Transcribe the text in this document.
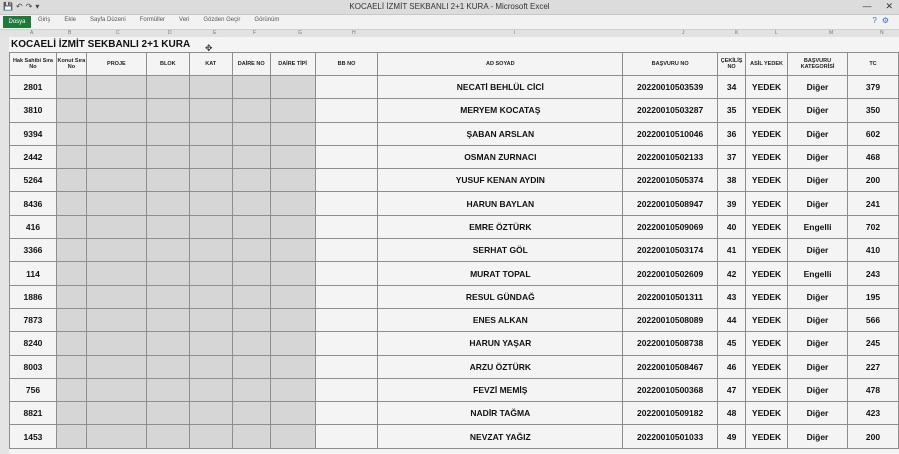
💾 ↶ ↷ ▾	KOCAELİ İZMİT SEKBANLI 2+1 KURA - Microsoft Excel	— ✕
Dosya	Giriş Ekle Sayfa Düzeni Formüller Veri Gözden Geçir Görünüm	? ⚙
A	B	C	D	E	F	G	H	I	J	K	L	M	N
KOCAELİ İZMİT SEKBANLI 2+1 KURA ✥
Hak Sahibi Sıra No	Konut Sıra No	PROJE	BLOK	KAT	DAİRE NO	DAİRE TİPİ	BB NO	AD SOYAD	BAŞVURU NO	ÇEKİLİŞ NO	ASİL YEDEK	BAŞVURU KATEGORİSİ	TC
2801								NECATİ BEHLÜL CİCİ	20220010503539	34	YEDEK	Diğer	379
3810								MERYEM KOCATAŞ	20220010503287	35	YEDEK	Diğer	350
9394								ŞABAN ARSLAN	20220010510046	36	YEDEK	Diğer	602
2442								OSMAN ZURNACI	20220010502133	37	YEDEK	Diğer	468
5264								YUSUF KENAN AYDIN	20220010505374	38	YEDEK	Diğer	200
8436								HARUN BAYLAN	20220010508947	39	YEDEK	Diğer	241
416								EMRE ÖZTÜRK	20220010509069	40	YEDEK	Engelli	702
3366								SERHAT GÖL	20220010503174	41	YEDEK	Diğer	410
114								MURAT TOPAL	20220010502609	42	YEDEK	Engelli	243
1886								RESUL GÜNDAĞ	20220010501311	43	YEDEK	Diğer	195
7873								ENES ALKAN	20220010508089	44	YEDEK	Diğer	566
8240								HARUN YAŞAR	20220010508738	45	YEDEK	Diğer	245
8003								ARZU ÖZTÜRK	20220010508467	46	YEDEK	Diğer	227
756								FEVZİ MEMİŞ	20220010500368	47	YEDEK	Diğer	478
8821								NADİR TAĞMA	20220010509182	48	YEDEK	Diğer	423
1453								NEVZAT YAĞIZ	20220010501033	49	YEDEK	Diğer	200
